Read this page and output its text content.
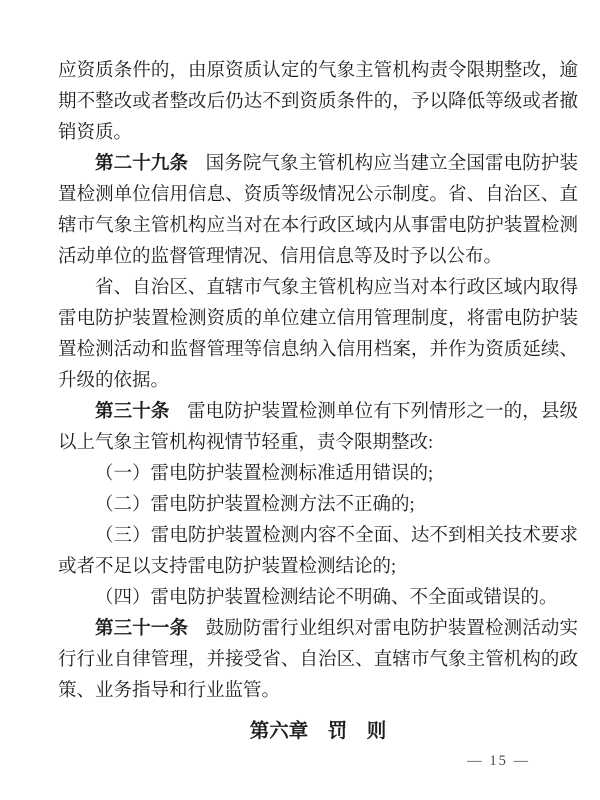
应资质条件的，由原资质认定的气象主管机构责令限期整改，逾期不整改或者整改后仍达不到资质条件的，予以降低等级或者撤销资质。

第二十九条 国务院气象主管机构应当建立全国雷电防护装置检测单位信用信息、资质等级情况公示制度。省、自治区、直辖市气象主管机构应当对在本行政区域内从事雷电防护装置检测活动单位的监督管理情况、信用信息等及时予以公布。

省、自治区、直辖市气象主管机构应当对本行政区域内取得雷电防护装置检测资质的单位建立信用管理制度，将雷电防护装置检测活动和监督管理等信息纳入信用档案，并作为资质延续、升级的依据。

第三十条 雷电防护装置检测单位有下列情形之一的，县级以上气象主管机构视情节轻重，责令限期整改:

（一）雷电防护装置检测标准适用错误的;

（二）雷电防护装置检测方法不正确的;

（三）雷电防护装置检测内容不全面、达不到相关技术要求或者不足以支持雷电防护装置检测结论的;

（四）雷电防护装置检测结论不明确、不全面或错误的。

第三十一条 鼓励防雷行业组织对雷电防护装置检测活动实行行业自律管理，并接受省、自治区、直辖市气象主管机构的政策、业务指导和行业监管。

第六章　罚　则

— 15 —
